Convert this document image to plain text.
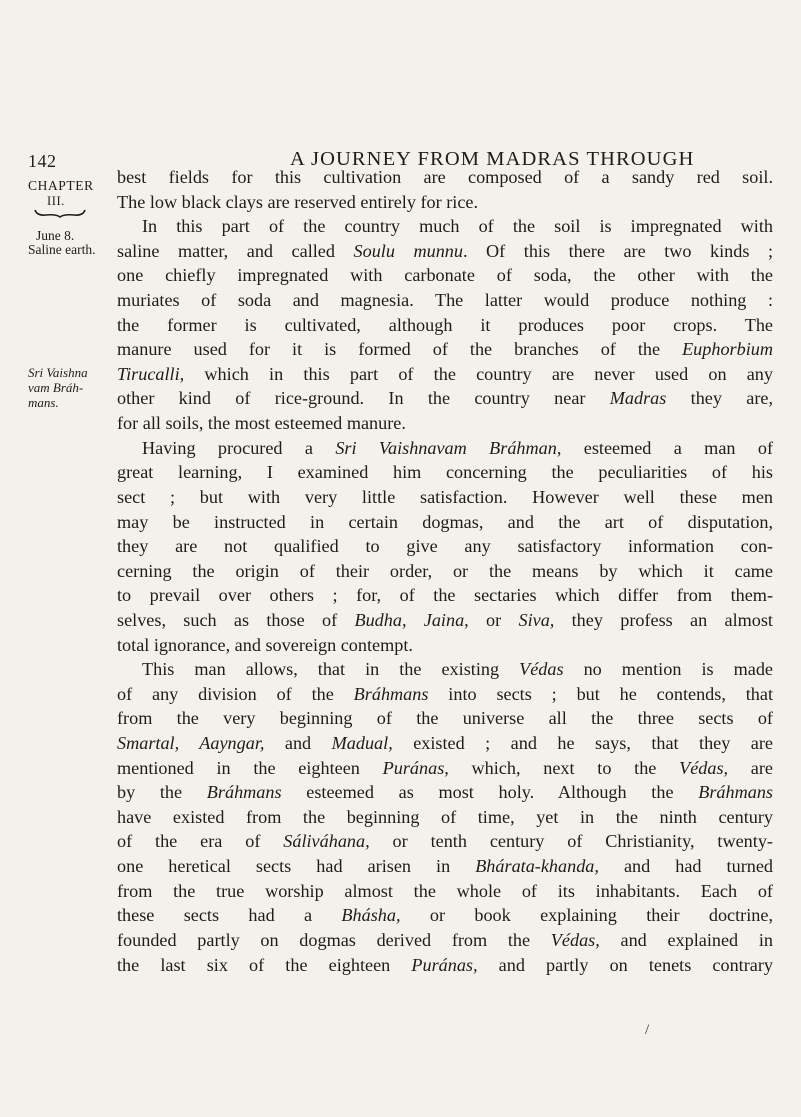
142	A JOURNEY FROM MADRAS THROUGH
CHAPTER
III.
June 8.
Saline earth.
Sri Vaishna
vam Bráh-
mans.
best fields for this cultivation are composed of a sandy red soil.
The low black clays are reserved entirely for rice.
In this part of the country much of the soil is impregnated with
saline matter, and called Soulu munnu. Of this there are two kinds ;
one chiefly impregnated with carbonate of soda, the other with the
muriates of soda and magnesia. The latter would produce nothing :
the former is cultivated, although it produces poor crops. The
manure used for it is formed of the branches of the Euphorbium
Tirucalli, which in this part of the country are never used on any
other kind of rice-ground. In the country near Madras they are,
for all soils, the most esteemed manure.
Having procured a Sri Vaishnavam Bráhman, esteemed a man of
great learning, I examined him concerning the peculiarities of his
sect ; but with very little satisfaction. However well these men
may be instructed in certain dogmas, and the art of disputation,
they are not qualified to give any satisfactory information con-
cerning the origin of their order, or the means by which it came
to prevail over others ; for, of the sectaries which differ from them-
selves, such as those of Budha, Jaina, or Siva, they profess an almost
total ignorance, and sovereign contempt.
This man allows, that in the existing Védas no mention is made
of any division of the Bráhmans into sects ; but he contends, that
from the very beginning of the universe all the three sects of
Smartal, Aayngar, and Madual, existed ; and he says, that they are
mentioned in the eighteen Puránas, which, next to the Védas, are
by the Bráhmans esteemed as most holy. Although the Bráhmans
have existed from the beginning of time, yet in the ninth century
of the era of Sáliváhana, or tenth century of Christianity, twenty-
one heretical sects had arisen in Bhárata-khanda, and had turned
from the true worship almost the whole of its inhabitants. Each of
these sects had a Bhásha, or book explaining their doctrine,
founded partly on dogmas derived from the Védas, and explained in
the last six of the eighteen Puránas, and partly on tenets contrary
/
